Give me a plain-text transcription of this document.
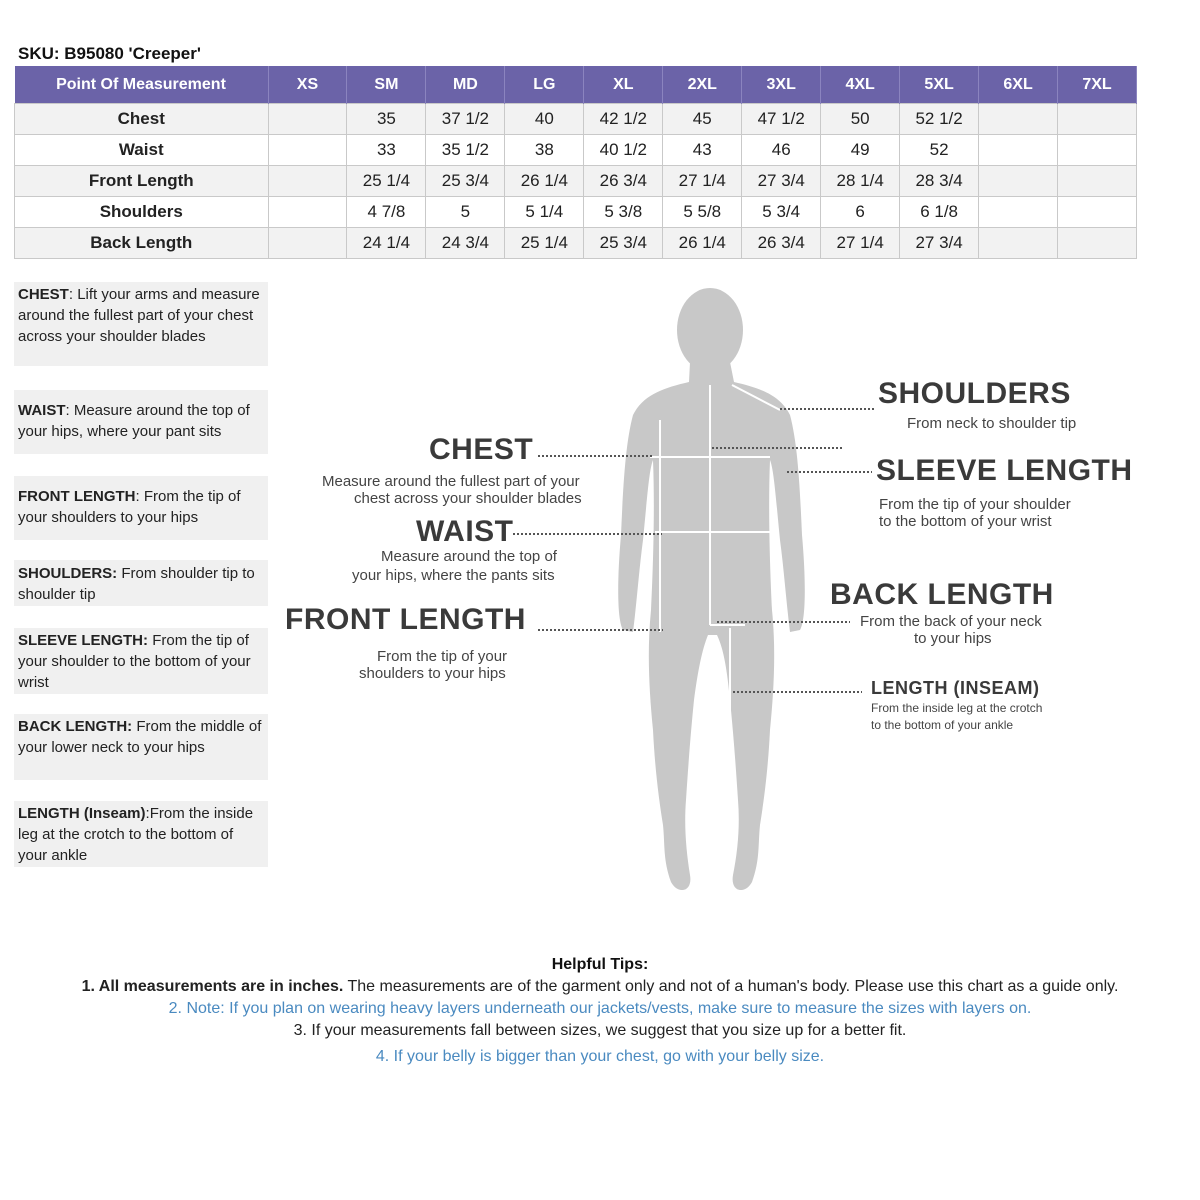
SKU: B95080 'Creeper'
Point Of Measurement	XS	SM	MD	LG	XL	2XL	3XL	4XL	5XL	6XL	7XL
Chest		35	37 1/2	40	42 1/2	45	47 1/2	50	52 1/2		
Waist		33	35 1/2	38	40 1/2	43	46	49	52		
Front Length		25 1/4	25 3/4	26 1/4	26 3/4	27 1/4	27 3/4	28 1/4	28 3/4		
Shoulders		4 7/8	5	5 1/4	5 3/8	5 5/8	5 3/4	6	6 1/8		
Back Length		24 1/4	24 3/4	25 1/4	25 3/4	26 1/4	26 3/4	27 1/4	27 3/4		
CHEST: Lift your arms and measure around the fullest part of your chest across your shoulder blades
WAIST: Measure around the top of your hips, where your pant sits
FRONT LENGTH: From the tip of your shoulders to your hips
SHOULDERS: From shoulder tip to shoulder tip
SLEEVE LENGTH: From the tip of your shoulder to the bottom of your wrist
BACK LENGTH: From the middle of your lower neck to your hips
LENGTH (Inseam):From the inside leg at the crotch to the bottom of your ankle
SHOULDERS
From neck to shoulder tip
CHEST
Measure around the fullest part of your
chest across your shoulder blades
SLEEVE LENGTH
From the tip of your shoulder
to the bottom of your wrist
WAIST
Measure around the top of
your hips, where the pants sits
BACK LENGTH
From the back of your neck
to your hips
FRONT LENGTH
From the tip of your
shoulders to your hips
LENGTH (INSEAM)
From the inside leg at the crotch
to the bottom of your ankle
Helpful Tips:
1. All measurements are in inches. The measurements are of the garment only and not of a human's body. Please use this chart as a guide only.
2. Note: If you plan on wearing heavy layers underneath our jackets/vests, make sure to measure the sizes with layers on.
3. If your measurements fall between sizes, we suggest that you size up for a better fit.
4. If your belly is bigger than your chest, go with your belly size.
